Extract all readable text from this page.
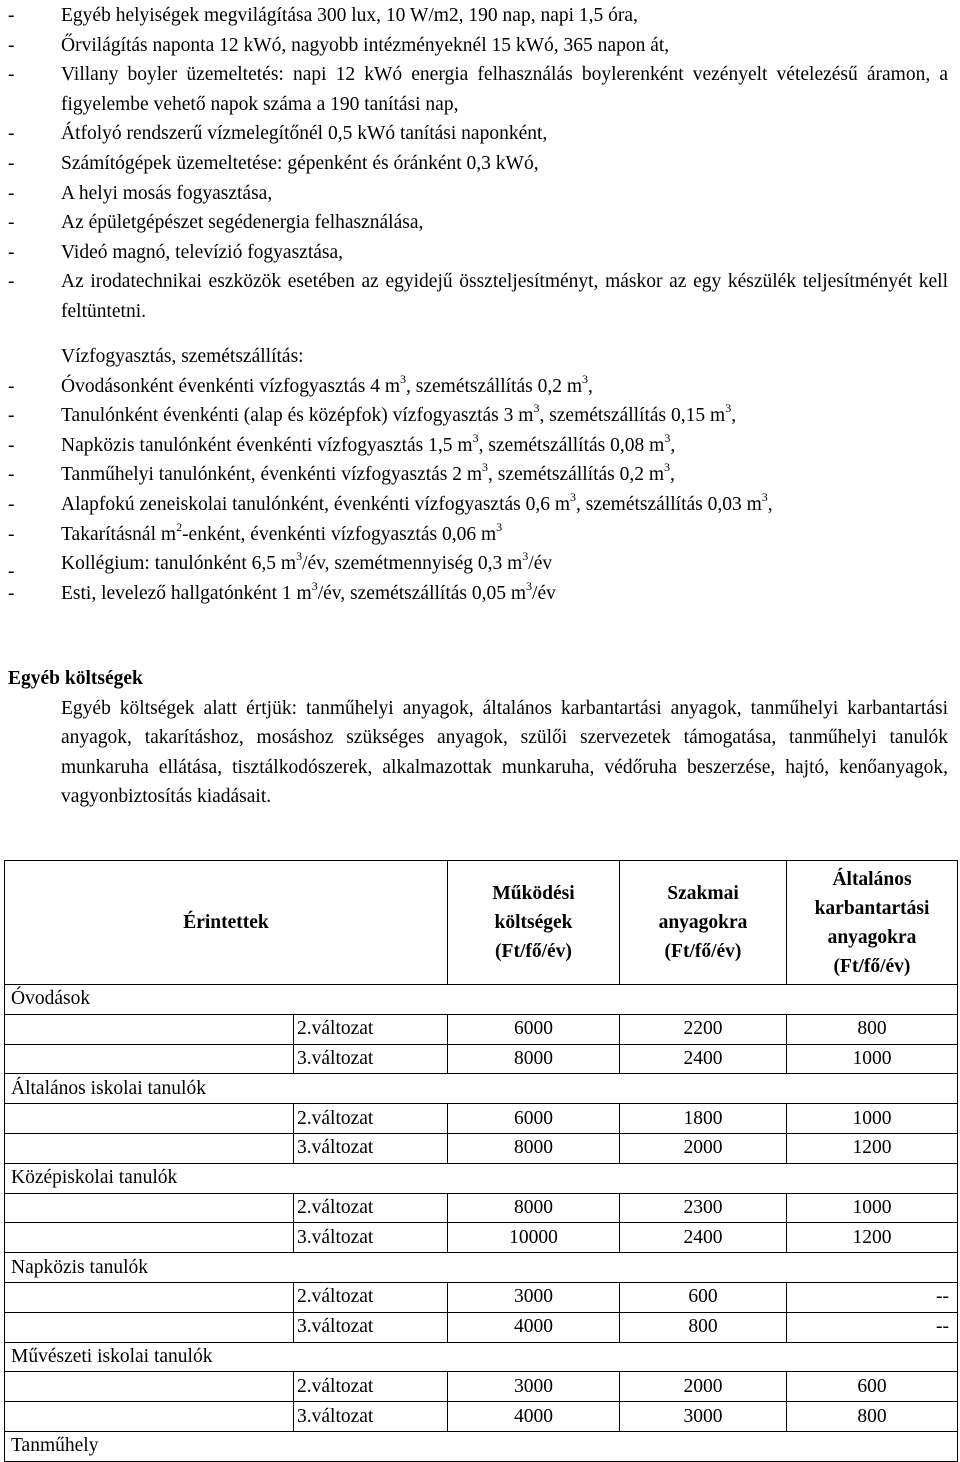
- Egyéb helyiségek megvilágítása 300 lux, 10 W/m2, 190 nap, napi 1,5 óra,
- Őrvilágítás naponta 12 kWó, nagyobb intézményeknél 15 kWó, 365 napon át,
- Villany boyler üzemeltetés: napi 12 kWó energia felhasználás boylerenként vezényelt vételezésű áramon, a figyelembe vehető napok száma a 190 tanítási nap,
- Átfolyó rendszerű vízmelegítőnél 0,5 kWó tanítási naponként,
- Számítógépek üzemeltetése: gépenként és óránként 0,3 kWó,
- A helyi mosás fogyasztása,
- Az épületgépészet segédenergia felhasználása,
- Videó magnó, televízió fogyasztása,
- Az irodatechnikai eszközök esetében az egyidejű összteljesítményt, máskor az egy készülék teljesítményét kell feltüntetni.
Vízfogyasztás, szemétszállítás:
- Óvodásonként évenkénti vízfogyasztás 4 $m^3$, szemétszállítás 0,2 $m^3$,
- Tanulónként évenkénti (alap és középfok) vízfogyasztás 3 $m^3$, szemétszállítás 0,15 $m^3$,
- Napközis tanulónként évenkénti vízfogyasztás 1,5 $m^3$, szemétszállítás 0,08 $m^3$,
- Tanműhelyi tanulónként, évenkénti vízfogyasztás 2 $m^3$, szemétszállítás 0,2 $m^3$,
- Alapfokú zeneiskolai tanulónként, évenkénti vízfogyasztás 0,6 $m^3$, szemétszállítás 0,03 $m^3$,
- Takarításnál $m^2$-enként, évenkénti vízfogyasztás 0,06 $m^3$
- Kollégium: tanulónként 6,5 $m^3/év$, szemétmennyiség 0,3 $m^3/év$
- Esti, levelező hallgatónként 1 $m^3/év$, szemétszállítás 0,05 $m^3/év$
Egyéb költségek
Egyéb költségek alatt értjük: tanműhelyi anyagok, általános karbantartási anyagok, tanműhelyi karbantartási anyagok, takarításhoz, mosáshoz szükséges anyagok, szülői szervezetek támogatása, tanműhelyi tanulók munkaruha ellátása, tisztálkodószerek, alkalmazottak munkaruha, védőruha beszerzése, hajtó, kenőanyagok, vagyonbiztosítás kiadásait.
Érintettek		Működési
költségek
(Ft/fő/év)	Szakmai
anyagokra
(Ft/fő/év)	Általános
karbantartási
anyagokra
(Ft/fő/év)
Óvodások				
	2.változat	6000	2200	800
	3.változat	8000	2400	1000
Általános iskolai tanulók				
	2.változat	6000	1800	1000
	3.változat	8000	2000	1200
Középiskolai tanulók				
	2.változat	8000	2300	1000
	3.változat	10000	2400	1200
Napközis tanulók				
	2.változat	3000	600	--
	3.változat	4000	800	--
Művészeti iskolai tanulók				
	2.változat	3000	2000	600
	3.változat	4000	3000	800
Tanműhely				
